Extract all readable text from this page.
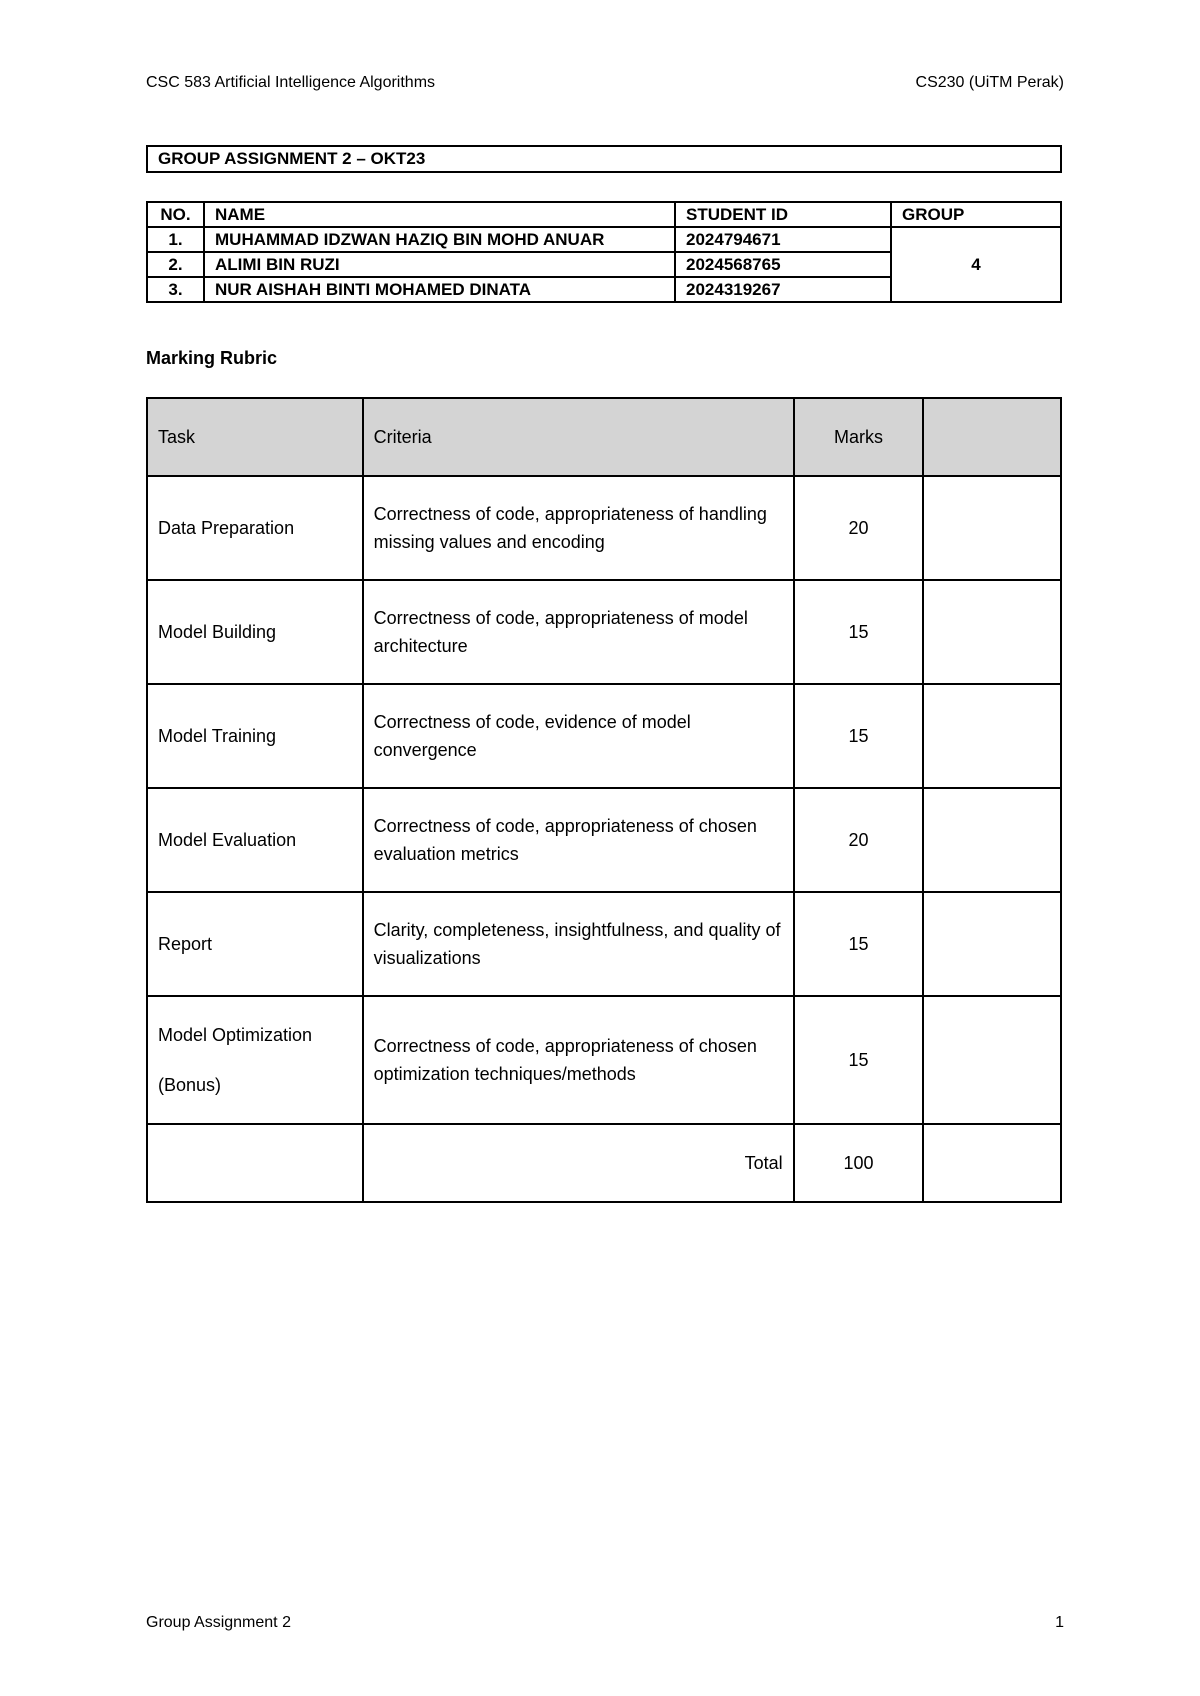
CSC 583 Artificial Intelligence Algorithms	CS230 (UiTM Perak)
GROUP ASSIGNMENT 2 – OKT23
NO.	NAME	STUDENT ID	GROUP
1.	MUHAMMAD IDZWAN HAZIQ BIN MOHD ANUAR	2024794671	4
2.	ALIMI BIN RUZI	2024568765	
3.	NUR AISHAH BINTI MOHAMED DINATA	2024319267	
Marking Rubric
Task	Criteria	Marks	
Data Preparation	Correctness of code, appropriateness of handling missing values and encoding	20	
Model Building	Correctness of code, appropriateness of model architecture	15	
Model Training	Correctness of code, evidence of model convergence	15	
Model Evaluation	Correctness of code, appropriateness of chosen evaluation metrics	20	
Report	Clarity, completeness, insightfulness, and quality of visualizations	15	

Model Optimization
(Bonus)	Correctness of code, appropriateness of chosen optimization techniques/methods	15	
	Total	100	
Group Assignment 2	1
